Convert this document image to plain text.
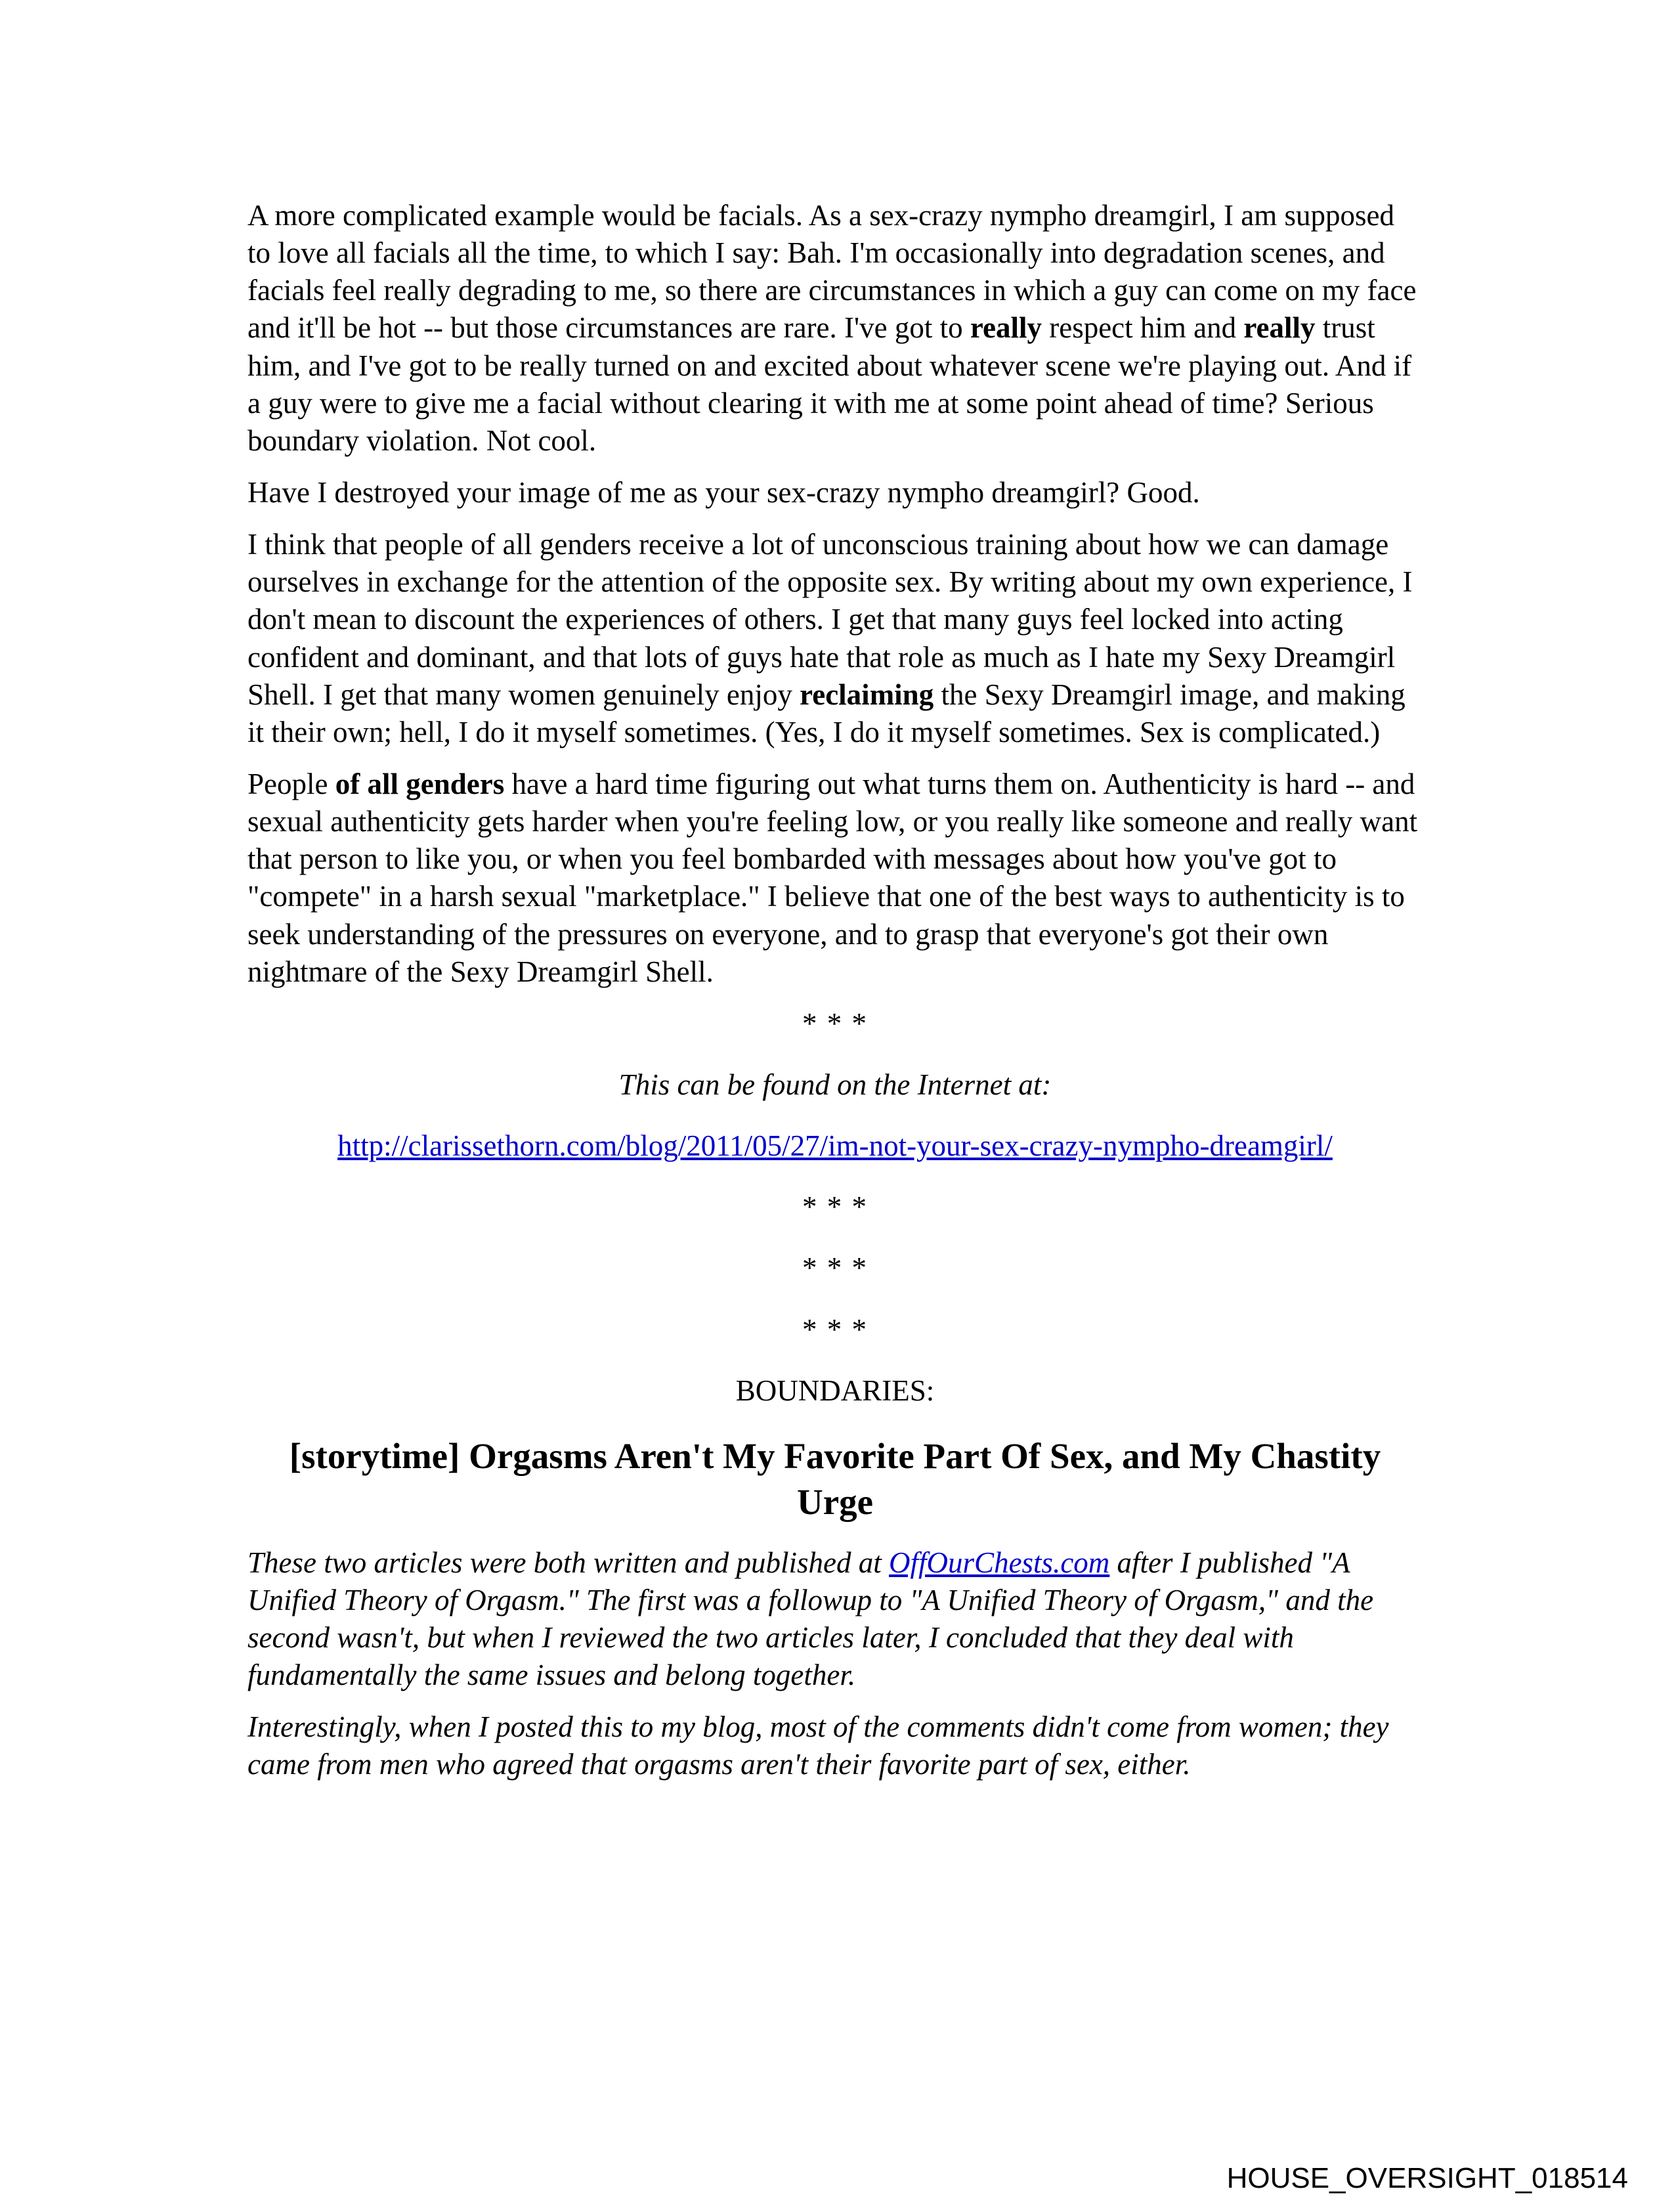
A more complicated example would be facials. As a sex-crazy nympho dreamgirl, I am supposed to love all facials all the time, to which I say: Bah. I'm occasionally into degradation scenes, and facials feel really degrading to me, so there are circumstances in which a guy can come on my face and it'll be hot -- but those circumstances are rare. I've got to really respect him and really trust him, and I've got to be really turned on and excited about whatever scene we're playing out. And if a guy were to give me a facial without clearing it with me at some point ahead of time? Serious boundary violation. Not cool.

Have I destroyed your image of me as your sex-crazy nympho dreamgirl? Good.

I think that people of all genders receive a lot of unconscious training about how we can damage ourselves in exchange for the attention of the opposite sex. By writing about my own experience, I don't mean to discount the experiences of others. I get that many guys feel locked into acting confident and dominant, and that lots of guys hate that role as much as I hate my Sexy Dreamgirl Shell. I get that many women genuinely enjoy reclaiming the Sexy Dreamgirl image, and making it their own; hell, I do it myself sometimes. (Yes, I do it myself sometimes. Sex is complicated.)

People of all genders have a hard time figuring out what turns them on. Authenticity is hard -- and sexual authenticity gets harder when you're feeling low, or you really like someone and really want that person to like you, or when you feel bombarded with messages about how you've got to "compete" in a harsh sexual "marketplace." I believe that one of the best ways to authenticity is to seek understanding of the pressures on everyone, and to grasp that everyone's got their own nightmare of the Sexy Dreamgirl Shell.

* * *

This can be found on the Internet at:

http://clarissethorn.com/blog/2011/05/27/im-not-your-sex-crazy-nympho-dreamgirl/

* * *

* * *

* * *

BOUNDARIES:

[storytime] Orgasms Aren't My Favorite Part Of Sex, and My Chastity Urge

These two articles were both written and published at OffOurChests.com after I published "A Unified Theory of Orgasm." The first was a followup to "A Unified Theory of Orgasm," and the second wasn't, but when I reviewed the two articles later, I concluded that they deal with fundamentally the same issues and belong together.

Interestingly, when I posted this to my blog, most of the comments didn't come from women; they came from men who agreed that orgasms aren't their favorite part of sex, either.

HOUSE_OVERSIGHT_018514
